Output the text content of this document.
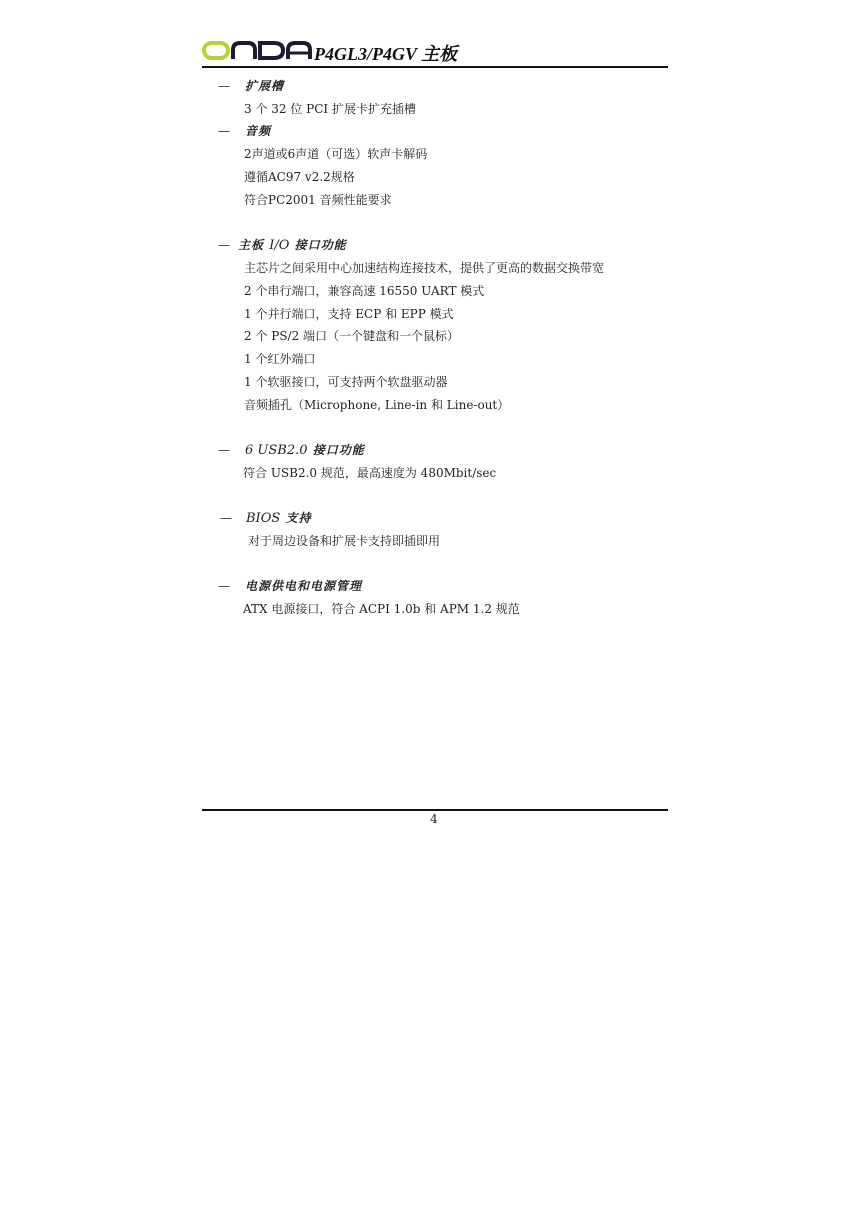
P4GL3/P4GV 主板
— 扩展槽
3 个 32 位 PCI 扩展卡扩充插槽
— 音频
2声道或6声道（可选）软声卡解码
遵循AC97 v2.2规格
符合PC2001 音频性能要求
— 主板 I/O 接口功能
主芯片之间采用中心加速结构连接技术，提供了更高的数据交换带宽
2 个串行端口，兼容高速 16550 UART 模式
1 个并行端口，支持 ECP 和 EPP 模式
2 个 PS/2 端口（一个键盘和一个鼠标）
1 个红外端口
1 个软驱接口，可支持两个软盘驱动器
音频插孔（Microphone, Line-in 和 Line-out）
— 6 USB2.0 接口功能
符合 USB2.0 规范，最高速度为 480Mbit/sec
— BIOS 支持
对于周边设备和扩展卡支持即插即用
— 电源供电和电源管理
ATX 电源接口，符合 ACPI 1.0b 和 APM 1.2 规范
4
